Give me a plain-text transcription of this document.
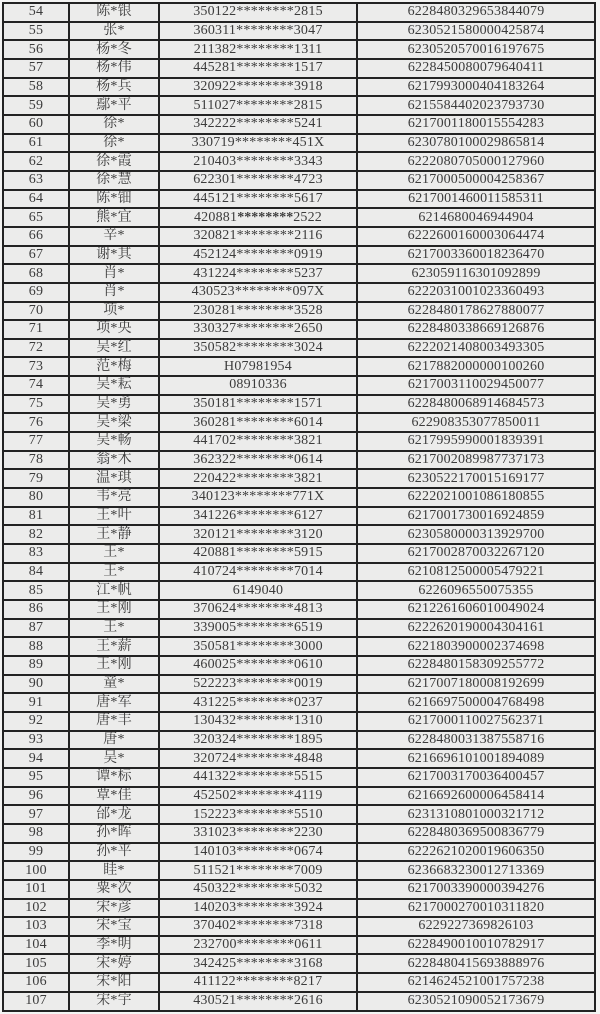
54	陈*银	350122********2815	6228480329653844079
55	张*	360311********3047	6230521580000425874
56	杨*冬	211382********1311	6230520570016197675
57	杨*伟	445281********1517	6228450080079640411
58	杨*兵	320922********3918	6217993000404183264
59	鄢*平	511027********2815	6215584402023793730
60	徐*	342222********5241	6217001180015554283
61	徐*	330719********451X	6230780100029865814
62	徐*霞	210403********3343	6222080705000127960
63	徐*慧	622301********4723	6217000500004258367
64	陈*钿	445121********5617	6217001460011585311
65	熊*宜	420881********2522	6214680046944904
66	辛*	320821********2116	6222600160003064474
67	谢*其	452124********0919	6217003360018236470
68	肖*	431224********5237	623059116301092899
69	肖*	430523********097X	6222031001023360493
70	项*	230281********3528	6228480178627880077
71	项*央	330327********2650	6228480338669126876
72	吴*红	350582********3024	6222021408003493305
73	范*梅	H07981954	6217882000000100260
74	吴*耘	08910336	6217003110029450077
75	吴*勇	350181********1571	6228480068914684573
76	吴*梁	360281********6014	622908353077850011
77	吴*畅	441702********3821	6217995990001839391
78	翁*木	362322********0614	6217002089987737173
79	温*琪	220422********3821	6230522170015169177
80	韦*亮	340123********771X	6222021001086180855
81	王*叶	341226********6127	6217001730016924859
82	王*静	320121********3120	6230580000313929700
83	王*	420881********5915	6217002870032267120
84	王*	410724********7014	6210812500005479221
85	江*帆	6149040	6226096550075355
86	王*刚	370624********4813	6212261606010049024
87	王*	339005********6519	6222620190004304161
88	王*薪	350581********3000	6221803900002374698
89	王*刚	460025********0610	6228480158309255772
90	童*	522223********0019	6217007180008192699
91	唐*军	431225********0237	6216697500004768498
92	唐*丰	130432********1310	6217000110027562371
93	唐*	320324********1895	6228480031387558716
94	吴*	320724********4848	6216696101001894089
95	谭*标	441322********5515	6217003170036400457
96	覃*佳	452502********4119	6216692600006458414
97	邰*龙	152223********5510	6231310801000321712
98	孙*晖	331023********2230	6228480369500836779
99	孙*平	140103********0674	6222621020019606350
100	眭*	511521********7009	6236683230012713369
101	粟*次	450322********5032	6217003390000394276
102	宋*彦	140203********3924	6217000270010311820
103	宋*宝	370402********7318	6229227369826103
104	李*明	232700********0611	6228490010010782917
105	宋*婷	342425********3168	6228480415693888976
106	宋*阳	411122********8217	6214624521001757238
107	宋*宇	430521********2616	6230521090052173679
